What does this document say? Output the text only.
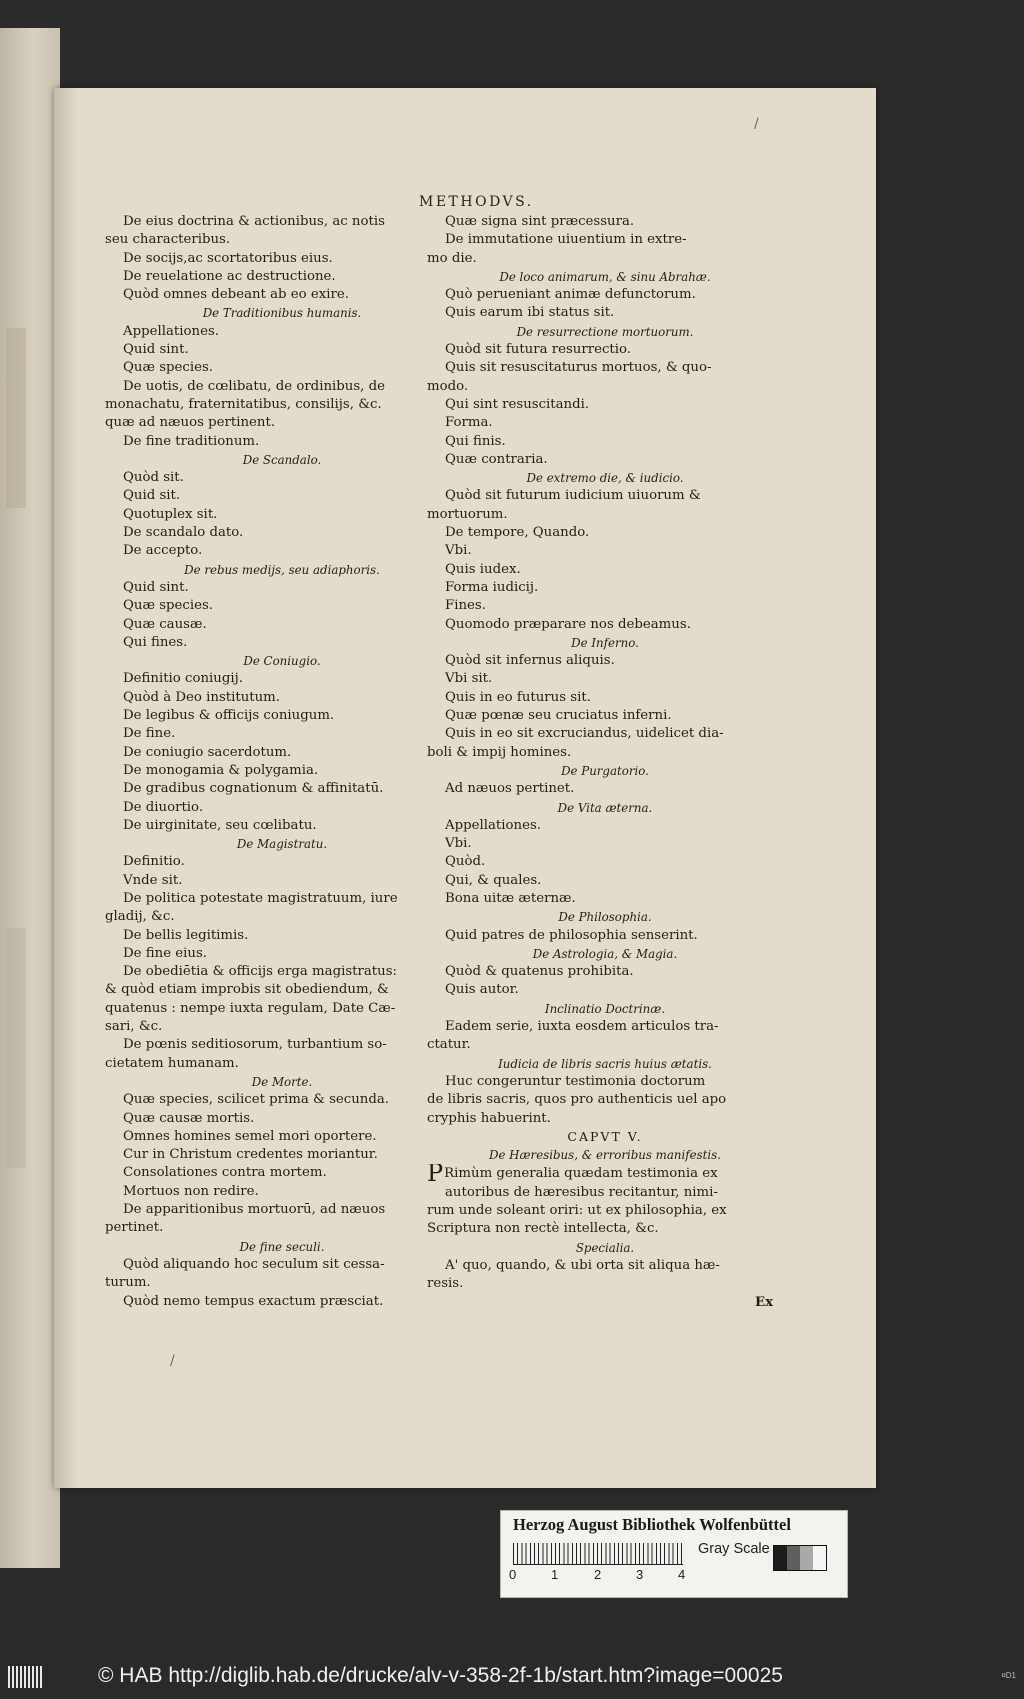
METHODVS.
De eius doctrina & actionibus, ac notis
seu characteribus.
De socijs,ac scortatoribus eius.
De reuelatione ac destructione.
Quòd omnes debeant ab eo exire.
De Traditionibus humanis.
Appellationes.
Quid sint.
Quæ species.
De uotis, de cœlibatu, de ordinibus, de
monachatu, fraternitatibus, consilijs, &c.
quæ ad næuos pertinent.
De fine traditionum.
De Scandalo.
Quòd sit.
Quid sit.
Quotuplex sit.
De scandalo dato.
De accepto.
De rebus medijs, seu adiaphoris.
Quid sint.
Quæ species.
Quæ causæ.
Qui fines.
De Coniugio.
Definitio coniugij.
Quòd à Deo institutum.
De legibus & officijs coniugum.
De fine.
De coniugio sacerdotum.
De monogamia & polygamia.
De gradibus cognationum & affinitatū.
De diuortio.
De uirginitate, seu cœlibatu.
De Magistratu.
Definitio.
Vnde sit.
De politica potestate magistratuum, iure
gladij, &c.
De bellis legitimis.
De fine eius.
De obediētia & officijs erga magistratus:
& quòd etiam improbis sit obediendum, &
quatenus : nempe iuxta regulam, Date Cæ-
sari, &c.
De pœnis seditiosorum, turbantium so-
cietatem humanam.
De Morte.
Quæ species, scilicet prima & secunda.
Quæ causæ mortis.
Omnes homines semel mori oportere.
Cur in Christum credentes moriantur.
Consolationes contra mortem.
Mortuos non redire.
De apparitionibus mortuorū, ad næuos
pertinet.
De fine seculi.
Quòd aliquando hoc seculum sit cessa-
turum.
Quòd nemo tempus exactum præsciat.
Quæ signa sint præcessura.
De immutatione uiuentium in extre-
mo die.
De loco animarum, & sinu Abrahæ.
Quò perueniant animæ defunctorum.
Quis earum ibi status sit.
De resurrectione mortuorum.
Quòd sit futura resurrectio.
Quis sit resuscitaturus mortuos, & quo-
modo.
Qui sint resuscitandi.
Forma.
Qui finis.
Quæ contraria.
De extremo die, & iudicio.
Quòd sit futurum iudicium uiuorum &
mortuorum.
De tempore, Quando.
Vbi.
Quis iudex.
Forma iudicij.
Fines.
Quomodo præparare nos debeamus.
De Inferno.
Quòd sit infernus aliquis.
Vbi sit.
Quis in eo futurus sit.
Quæ pœnæ seu cruciatus inferni.
Quis in eo sit excruciandus, uidelicet dia-
boli & impij homines.
De Purgatorio.
Ad næuos pertinet.
De Vita æterna.
Appellationes.
Vbi.
Quòd.
Qui, & quales.
Bona uitæ æternæ.
De Philosophia.
Quid patres de philosophia senserint.
De Astrologia, & Magia.
Quòd & quatenus prohibita.
Quis autor.
Inclinatio Doctrinæ.
Eadem serie, iuxta eosdem articulos tra-
ctatur.
Iudicia de libris sacris huius ætatis.
Huc congeruntur testimonia doctorum
de libris sacris, quos pro authenticis uel apo
cryphis habuerint.
CAPVT V.
De Hæresibus, & erroribus manifestis.
PRimùm generalia quædam testimonia ex
autoribus de hæresibus recitantur, nimi-
rum unde soleant oriri: ut ex philosophia, ex
Scriptura non rectè intellecta, &c.
Specialia.
A' quo, quando, & ubi orta sit aliqua hæ-
resis.
Ex
/
/
Herzog August Bibliothek Wolfenbüttel
0	1	2	3	4
Gray Scale
© HAB http://diglib.hab.de/drucke/alv-v-358-2f-1b/start.htm?image=00025	¤D1
